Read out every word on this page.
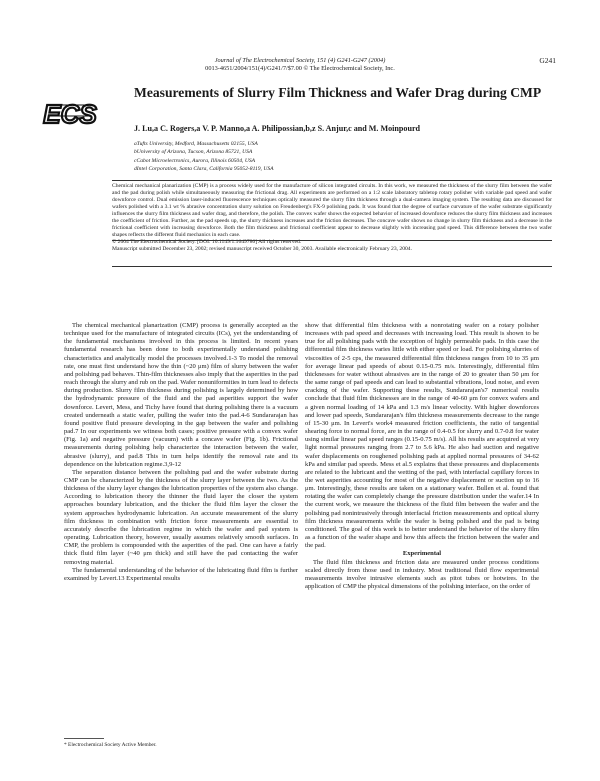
Journal of The Electrochemical Society, 151 (4) G241-G247 (2004)
0013-4651/2004/151(4)/G241/7/$7.00 © The Electrochemical Society, Inc.
G241
ECS
Measurements of Slurry Film Thickness and Wafer Drag during CMP
J. Lu,a C. Rogers,a V. P. Manno,a A. Philipossian,b,z S. Anjur,c and M. Moinpourd
aTufts University, Medford, Massachusetts 02155, USA
bUniversity of Arizona, Tucson, Arizona 85721, USA
cCabot Microelectronics, Aurora, Illinois 60504, USA
dIntel Corporation, Santa Clara, California 95052-8119, USA
Chemical mechanical planarization (CMP) is a process widely used for the manufacture of silicon integrated circuits. In this work, we measured the thickness of the slurry film between the wafer and the pad during polish while simultaneously measuring the frictional drag. All experiments are performed on a 1:2 scale laboratory tabletop rotary polisher with variable pad speed and wafer downforce control. Dual emission laser-induced fluorescence techniques optically measured the slurry film thickness through a dual-camera imaging system. The resulting data are discussed for wafers polished with a 3.1 wt % abrasive concentration slurry solution on Freudenberg's FX-9 polishing pads. It was found that the degree of surface curvature of the wafer substrate significantly influences the slurry film thickness and wafer drag, and therefore, the polish. The convex wafer shows the expected behavior of increased downforce reduces the slurry film thickness and increases the coefficient of friction. Further, as the pad speeds up, the slurry thickness increases and the friction decreases. The concave wafer shows no change in slurry film thickness and a decrease in the frictional coefficient with increasing downforce. Both the film thickness and frictional coefficient appear to decrease slightly with increasing pad speed. This difference between the two wafer shapes reflects the different fluid mechanics in each case.
© 2004 The Electrochemical Society. [DOI: 10.1149/1.1649786] All rights reserved.
Manuscript submitted December 23, 2002; revised manuscript received October 30, 2003. Available electronically February 23, 2004.

The chemical mechanical planarization (CMP) process is generally accepted as the technique used for the manufacture of integrated circuits (ICs), yet the understanding of the fundamental mechanisms involved in this process is limited. In recent years fundamental research has been done to both experimentally understand polishing characteristics and analytically model the processes involved.1-3 To model the removal rate, one must first understand how the thin (~20 μm) film of slurry between the wafer and polishing pad behaves. Thin-film thicknesses also imply that the asperities in the pad reach through the slurry and rub on the pad. Wafer nonuniformities in turn lead to defects during production. Slurry film thickness during polishing is largely determined by how the hydrodynamic pressure of the fluid and the pad asperities support the wafer downforce. Levert, Mess, and Tichy have found that during polishing there is a vacuum created underneath a static wafer, pulling the wafer into the pad.4-6 Sundararajan has found positive fluid pressure developing in the gap between the wafer and polishing pad.7 In our experiments we witness both cases; positive pressure with a convex wafer (Fig. 1a) and negative pressure (vacuum) with a concave wafer (Fig. 1b). Frictional measurements during polishing help characterize the interaction between the wafer, abrasive (slurry), and pad.8 This in turn helps identify the removal rate and its dependence on the lubrication regime.3,9-12

The separation distance between the polishing pad and the wafer substrate during CMP can be characterized by the thickness of the slurry layer between the two. As the thickness of the slurry layer changes the lubrication properties of the system also change. According to lubrication theory the thinner the fluid layer the closer the system approaches boundary lubrication, and the thicker the fluid film layer the closer the system approaches hydrodynamic lubrication. An accurate measurement of the slurry film thickness in combination with friction force measurements are essential to accurately describe the lubrication regime in which the wafer and pad system is operating. Lubrication theory, however, usually assumes relatively smooth surfaces. In CMP, the problem is compounded with the asperities of the pad. One can have a fairly thick fluid film layer (~40 μm thick) and still have the pad contacting the wafer removing material.

The fundamental understanding of the behavior of the lubricating fluid film is further examined by Levert.13 Experimental results

show that differential film thickness with a nonrotating wafer on a rotary polisher increases with pad speed and decreases with increasing load. This result is shown to be true for all polishing pads with the exception of highly permeable pads. In this case the differential film thickness varies little with either speed or load. For polishing slurries of viscosities of 2-5 cps, the measured differential film thickness ranges from 10 to 35 μm for average linear pad speeds of about 0.15-0.75 m/s. Interestingly, differential film thicknesses for water without abrasives are in the range of 20 to greater than 50 μm for the same range of pad speeds and can lead to substantial vibrations, loud noise, and even cracking of the wafer. Supporting these results, Sundararajan's7 numerical results conclude that fluid film thicknesses are in the range of 40-60 μm for convex wafers and a given normal loading of 14 kPa and 1.3 m/s linear velocity. With higher downforces and lower pad speeds, Sundararajan's film thickness measurements decrease to the range of 15-30 μm. In Levert's work4 measured friction coefficients, the ratio of tangential shearing force to normal force, are in the range of 0.4-0.5 for slurry and 0.7-0.8 for water using similar linear pad speed ranges (0.15-0.75 m/s). All his results are acquired at very light normal pressures ranging from 2.7 to 5.6 kPa. He also had suction and negative wafer displacements on roughened polishing pads at applied normal pressures of 34-62 kPa and similar pad speeds. Mess et al.5 explains that these pressures and displacements are related to the lubricant and the wetting of the pad, with interfacial capillary forces in the wet asperities accounting for most of the negative displacement or suction up to 16 μm. Interestingly, these results are taken on a stationary wafer. Bullen et al. found that rotating the wafer can completely change the pressure distribution under the wafer.14 In the current work, we measure the thickness of the fluid film between the wafer and the polishing pad nonintrusively through interfacial friction measurements and optical slurry film thickness measurements while the wafer is being polished and the pad is being conditioned. The goal of this work is to better understand the behavior of the slurry film as a function of the wafer shape and how this affects the friction between the wafer and the pad.

Experimental

The fluid film thickness and friction data are measured under process conditions scaled directly from those used in industry. Most traditional fluid flow experimental measurements involve intrusive elements such as pitot tubes or hotwires. In the application of CMP the physical dimensions of the polishing interface, on the order of

* Electrochemical Society Active Member.
